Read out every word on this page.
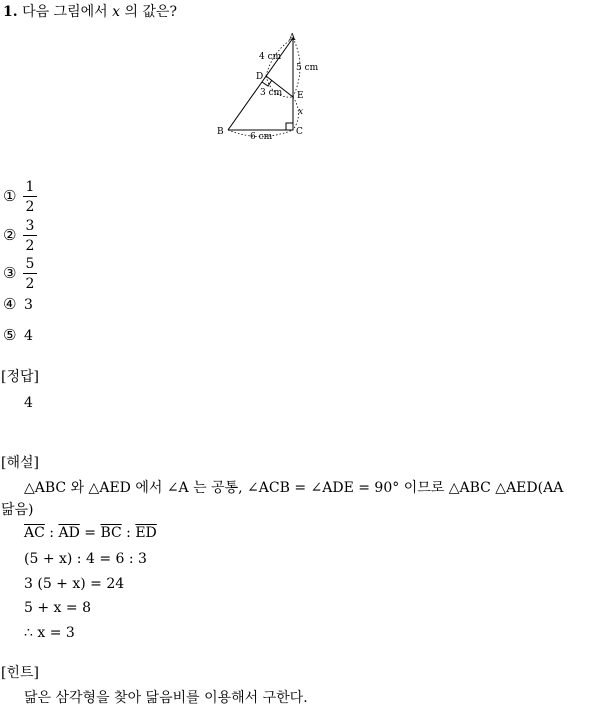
1. 다음 그림에서 x 의 값은?
A
B	C
D
E
4 cm
5 cm
3 cm
x
6 cm
① 1
2
② 3
2
③ 5
2
④ 3
⑤ 4
[정답]
4
[해설]
△ABC 와 △AED 에서 ∠A 는 공통, ∠ACB = ∠ADE = 90° 이므로 △ABC △AED(AA
닮음)
$\overline{AC}$ : $\overline{AD} = \overline{BC}$ : $\overline{ED}$
(5 + x) : 4 = 6 : 3
3 (5 + x) = 24
5 + x = 8
∴ x = 3
[힌트]
닮은 삼각형을 찾아 닮음비를 이용해서 구한다.
